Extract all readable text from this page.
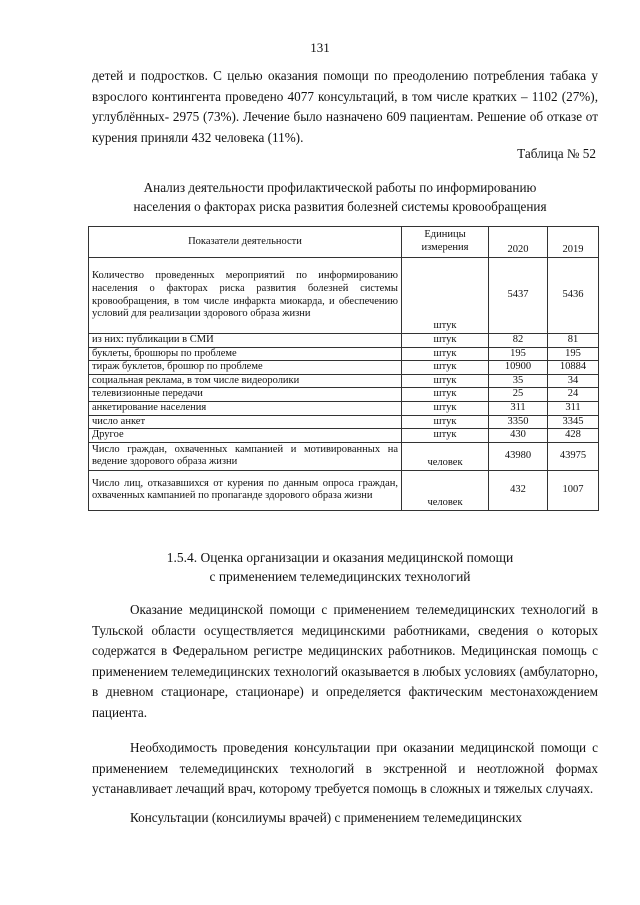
131
детей и подростков. С целью оказания помощи по преодолению потребления табака у взрослого контингента проведено 4077 консультаций, в том числе кратких – 1102 (27%), углублённых- 2975 (73%). Лечение было назначено 609 пациентам. Решение об отказе от курения приняли 432 человека (11%).
Таблица № 52
Анализ деятельности профилактической работы по информированию
населения о факторах риска развития болезней системы кровообращения
Показатели деятельности	Единицы измерения	2020	2019
Количество проведенных мероприятий по информированию населения о факторах риска развития болезней системы кровообращения, в том числе инфаркта миокарда, и обеспечению условий для реализации здорового образа жизни	штук	5437	5436
из них: публикации в СМИ	штук	82	81
буклеты, брошюры по проблеме	штук	195	195
тираж буклетов, брошюр по проблеме	штук	10900	10884
социальная реклама, в том числе видеоролики	штук	35	34
телевизионные передачи	штук	25	24
анкетирование населения	штук	311	311
число анкет	штук	3350	3345
Другое	штук	430	428
Число граждан, охваченных кампанией и мотивированных на ведение здорового образа жизни	человек	43980	43975
Число лиц, отказавшихся от курения по данным опроса граждан, охваченных кампанией по пропаганде здорового образа жизни	человек	432	1007
1.5.4. Оценка организации и оказания медицинской помощи
с применением телемедицинских технологий
Оказание медицинской помощи с применением телемедицинских технологий в Тульской области осуществляется медицинскими работниками, сведения о которых содержатся в Федеральном регистре медицинских работников. Медицинская помощь с применением телемедицинских технологий оказывается в любых условиях (амбулаторно, в дневном стационаре, стационаре) и определяется фактическим местонахождением пациента.
Необходимость проведения консультации при оказании медицинской помощи с применением телемедицинских технологий в экстренной и неотложной формах устанавливает лечащий врач, которому требуется помощь в сложных и тяжелых случаях.
Консультации (консилиумы врачей) с применением телемедицинских
